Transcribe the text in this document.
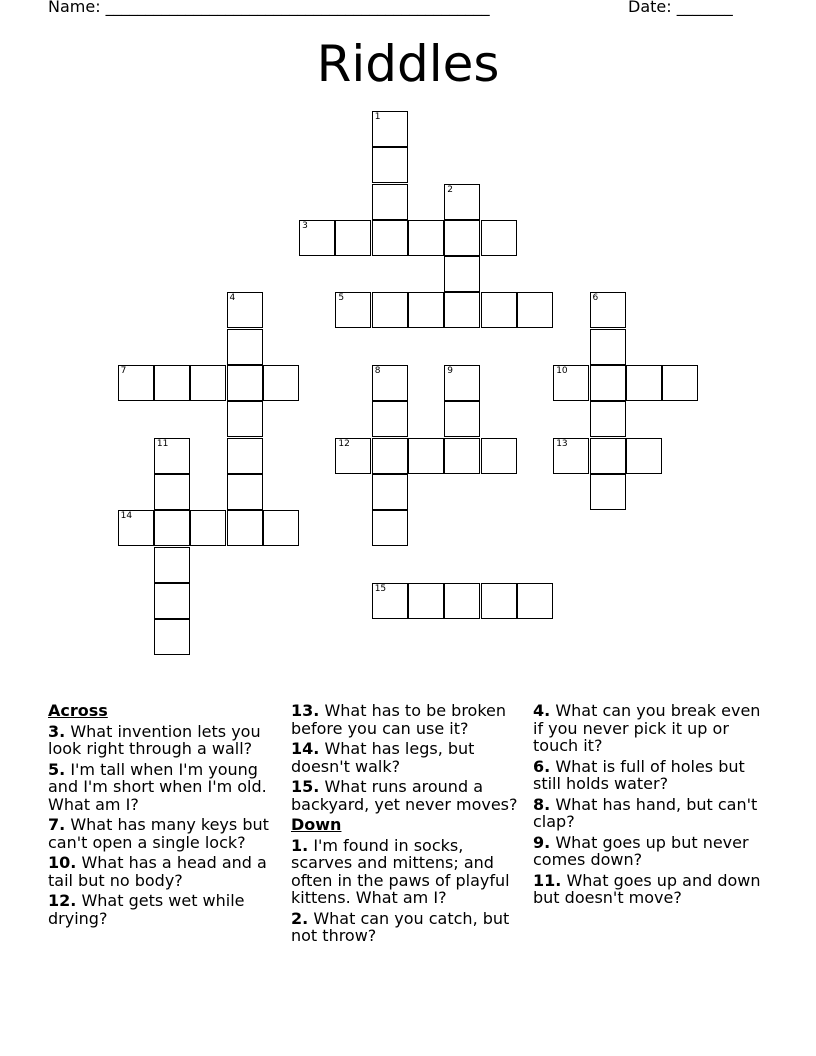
Name: ________________________________________________	Date: _______
Riddles
1
2
3
4	5	6
7	8	9	10
11	12	13
14
15
Across
3. What invention lets you look right through a wall?
5. I'm tall when I'm young and I'm short when I'm old. What am I?
7. What has many keys but can't open a single lock?
10. What has a head and a tail but no body?
12. What gets wet while drying?
13. What has to be broken before you can use it?
14. What has legs, but doesn't walk?
15. What runs around a backyard, yet never moves?
Down
1. I'm found in socks, scarves and mittens; and often in the paws of playful kittens. What am I?
2. What can you catch, but not throw?
4. What can you break even if you never pick it up or touch it?
6. What is full of holes but still holds water?
8. What has hand, but can't clap?
9. What goes up but never comes down?
11. What goes up and down but doesn't move?
